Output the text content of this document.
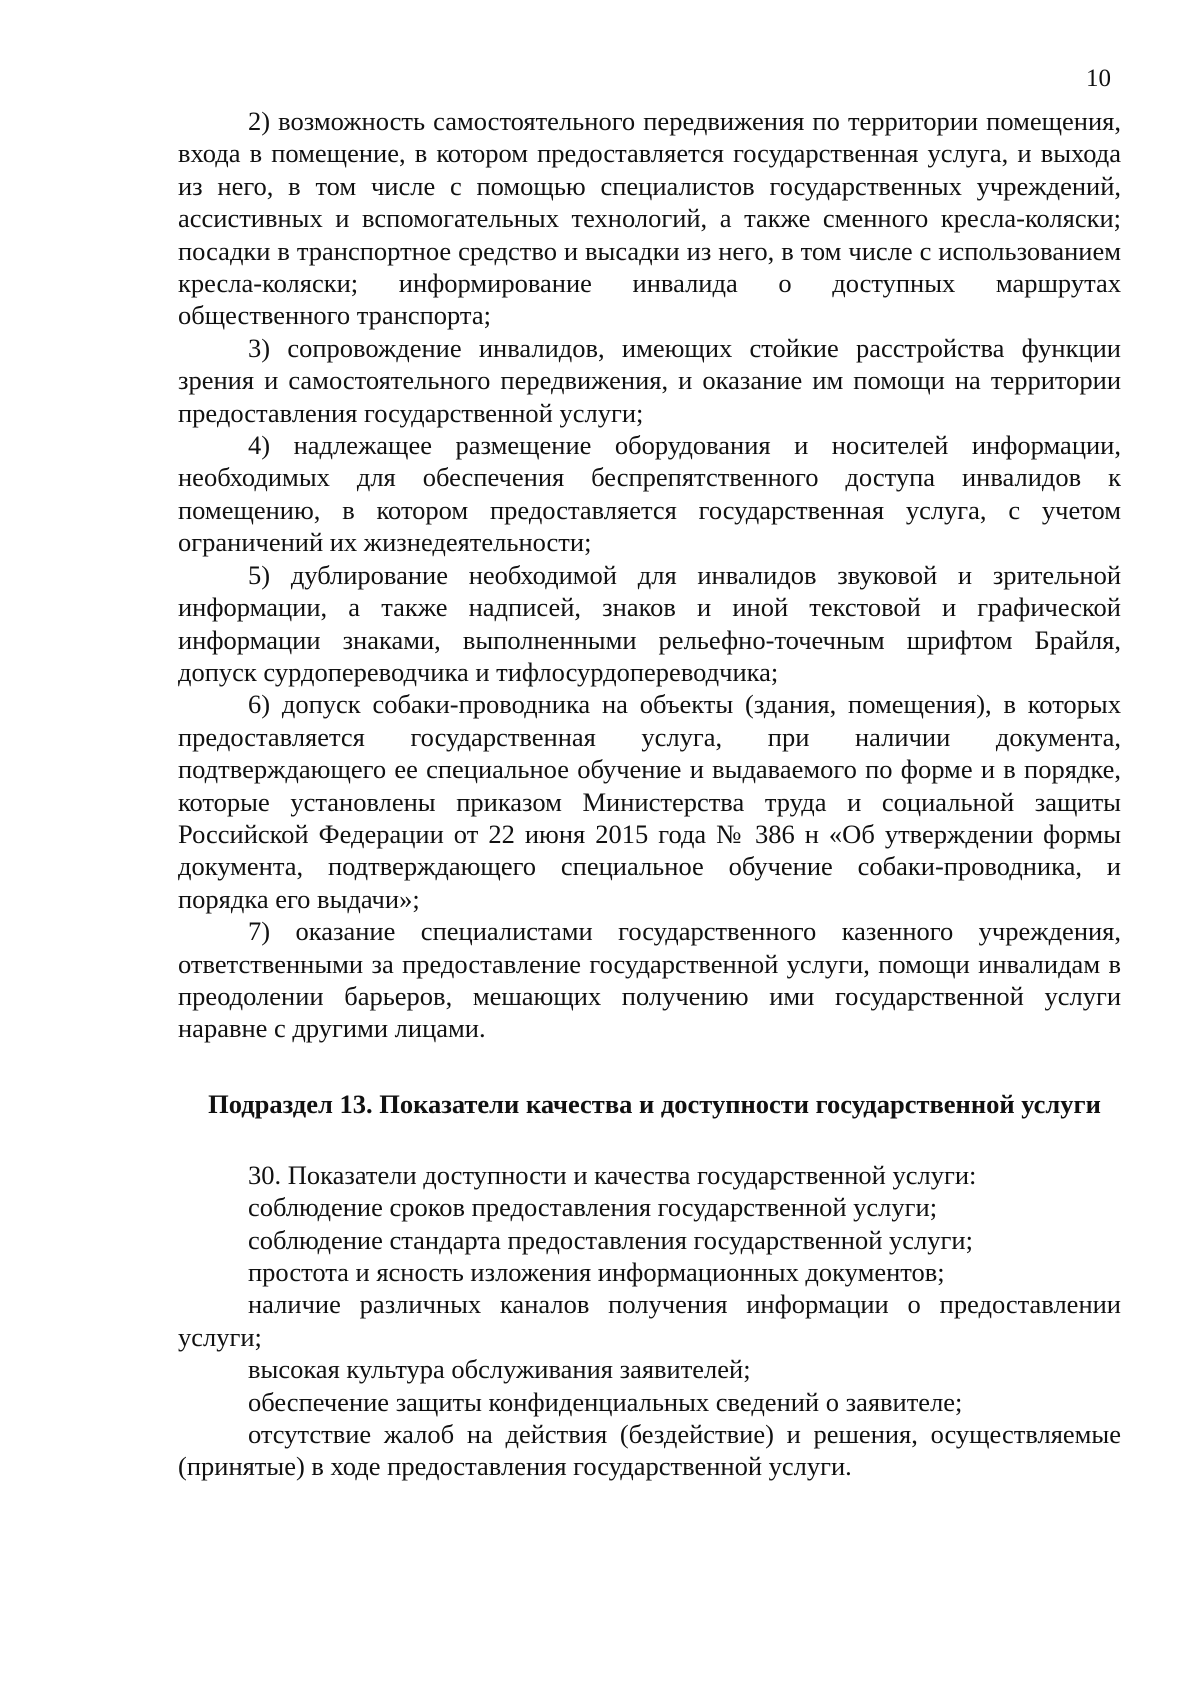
10

2) возможность самостоятельного передвижения по территории помещения, входа в помещение, в котором предоставляется государственная услуга, и выхода из него, в том числе с помощью специалистов государственных учреждений, ассистивных и вспомогательных технологий, а также сменного кресла-коляски; посадки в транспортное средство и высадки из него, в том числе с использованием кресла-коляски; информирование инвалида о доступных маршрутах общественного транспорта;

3) сопровождение инвалидов, имеющих стойкие расстройства функции зрения и самостоятельного передвижения, и оказание им помощи на территории предоставления государственной услуги;

4) надлежащее размещение оборудования и носителей информации, необходимых для обеспечения беспрепятственного доступа инвалидов к помещению, в котором предоставляется государственная услуга, с учетом ограничений их жизнедеятельности;

5) дублирование необходимой для инвалидов звуковой и зрительной информации, а также надписей, знаков и иной текстовой и графической информации знаками, выполненными рельефно-точечным шрифтом Брайля, допуск сурдопереводчика и тифлосурдопереводчика;

6) допуск собаки-проводника на объекты (здания, помещения), в которых предоставляется государственная услуга, при наличии документа, подтверждающего ее специальное обучение и выдаваемого по форме и в порядке, которые установлены приказом Министерства труда и социальной защиты Российской Федерации от 22 июня 2015 года № 386 н «Об утверждении формы документа, подтверждающего специальное обучение собаки-проводника, и порядка его выдачи»;

7) оказание специалистами государственного казенного учреждения, ответственными за предоставление государственной услуги, помощи инвалидам в преодолении барьеров, мешающих получению ими государственной услуги наравне с другими лицами.

Подраздел 13. Показатели качества и доступности государственной услуги

30. Показатели доступности и качества государственной услуги:

соблюдение сроков предоставления государственной услуги;

соблюдение стандарта предоставления государственной услуги;

простота и ясность изложения информационных документов;

наличие различных каналов получения информации о предоставлении услуги;

высокая культура обслуживания заявителей;

обеспечение защиты конфиденциальных сведений о заявителе;

отсутствие жалоб на действия (бездействие) и решения, осуществляемые (принятые) в ходе предоставления государственной услуги.
